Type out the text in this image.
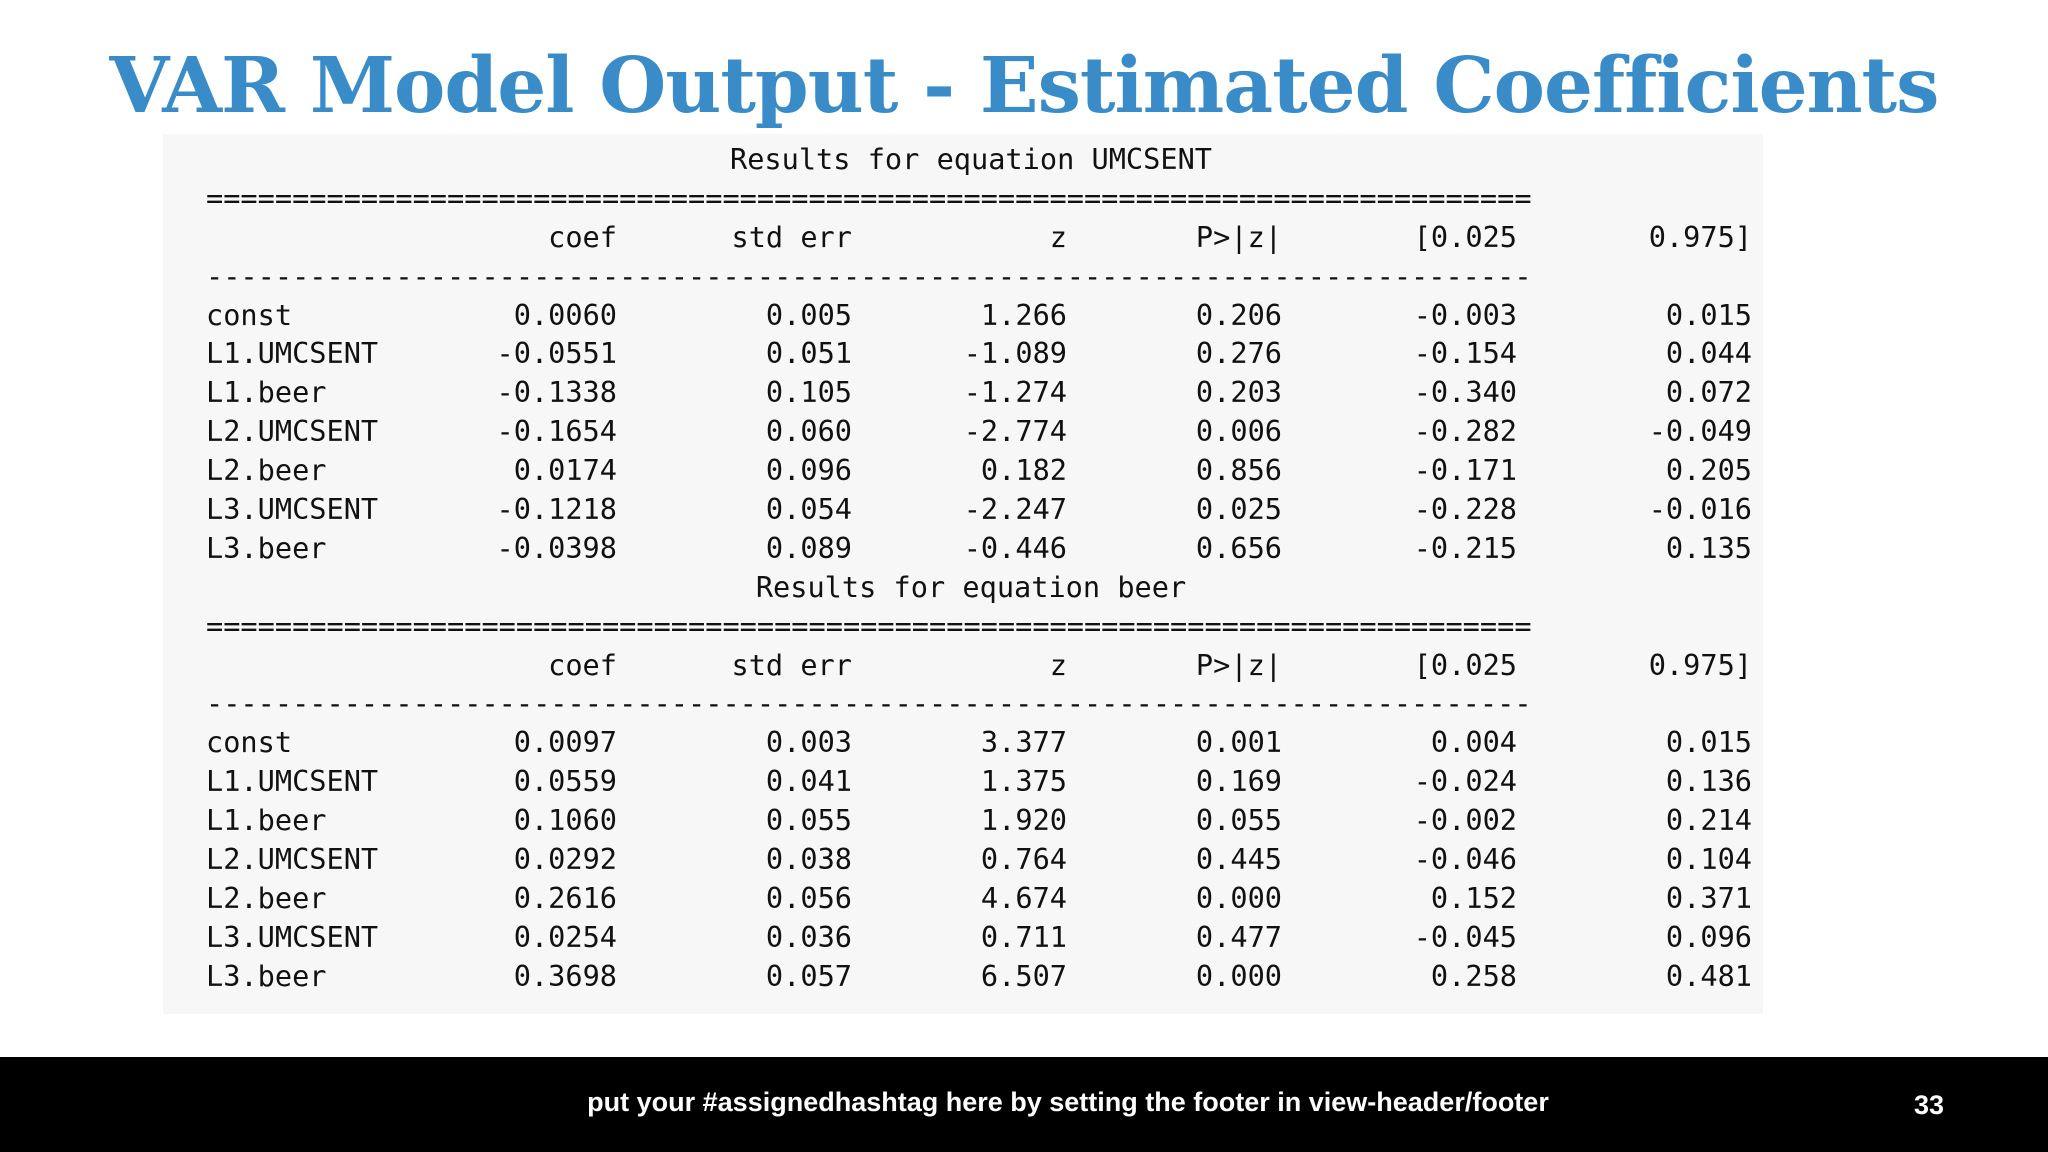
VAR Model Output - Estimated Coefficients
Results for equation UMCSENT
=============================================================================
coef	std err	z	P>|z|	[0.025	0.975]
-----------------------------------------------------------------------------
const	0.0060	0.005	1.266	0.206	-0.003	0.015
L1.UMCSENT	-0.0551	0.051	-1.089	0.276	-0.154	0.044
L1.beer	-0.1338	0.105	-1.274	0.203	-0.340	0.072
L2.UMCSENT	-0.1654	0.060	-2.774	0.006	-0.282	-0.049
L2.beer	0.0174	0.096	0.182	0.856	-0.171	0.205
L3.UMCSENT	-0.1218	0.054	-2.247	0.025	-0.228	-0.016
L3.beer	-0.0398	0.089	-0.446	0.656	-0.215	0.135
Results for equation beer
=============================================================================
coef	std err	z	P>|z|	[0.025	0.975]
-----------------------------------------------------------------------------
const	0.0097	0.003	3.377	0.001	0.004	0.015
L1.UMCSENT	0.0559	0.041	1.375	0.169	-0.024	0.136
L1.beer	0.1060	0.055	1.920	0.055	-0.002	0.214
L2.UMCSENT	0.0292	0.038	0.764	0.445	-0.046	0.104
L2.beer	0.2616	0.056	4.674	0.000	0.152	0.371
L3.UMCSENT	0.0254	0.036	0.711	0.477	-0.045	0.096
L3.beer	0.3698	0.057	6.507	0.000	0.258	0.481
put your #assignedhashtag here by setting the footer in view-header/footer	33
